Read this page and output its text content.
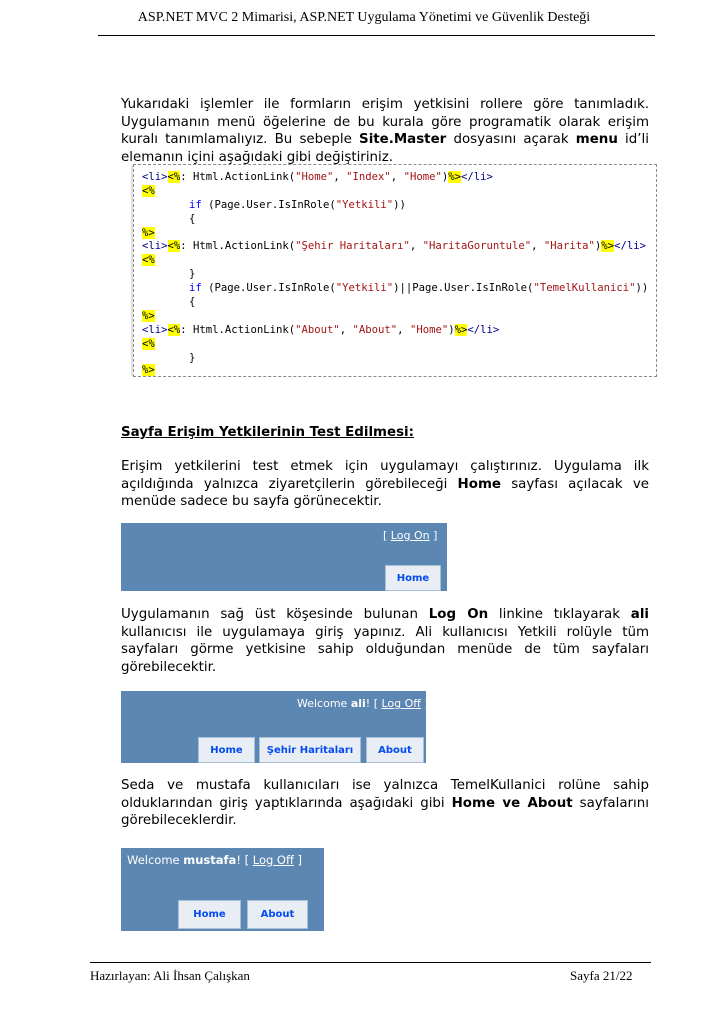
ASP.NET MVC 2 Mimarisi, ASP.NET Uygulama Yönetimi ve Güvenlik Desteği
Yukarıdaki işlemler ile formların erişim yetkisini rollere göre tanımladık. Uygulamanın menü öğelerine de bu kurala göre programatik olarak erişim kuralı tanımlamalıyız. Bu sebeple Site.Master dosyasını açarak menu id’li elemanın içini aşağıdaki gibi değiştiriniz.
<li><%: Html.ActionLink("Home", "Index", "Home")%></li>
<%
if (Page.User.IsInRole("Yetkili"))
{
%>
<li><%: Html.ActionLink("Şehir Haritaları", "HaritaGoruntule", "Harita")%></li>
<%
}
if (Page.User.IsInRole("Yetkili")||Page.User.IsInRole("TemelKullanici"))
{
%>
<li><%: Html.ActionLink("About", "About", "Home")%></li>
<%
}
%>
Sayfa Erişim Yetkilerinin Test Edilmesi:
Erişim yetkilerini test etmek için uygulamayı çalıştırınız. Uygulama ilk açıldığında yalnızca ziyaretçilerin görebileceği Home sayfası açılacak ve menüde sadece bu sayfa görünecektir.
[ Log On ]
Home
Uygulamanın sağ üst köşesinde bulunan Log On linkine tıklayarak ali kullanıcısı ile uygulamaya giriş yapınız. Ali kullanıcısı Yetkili rolüyle tüm sayfaları görme yetkisine sahip olduğundan menüde de tüm sayfaları görebilecektir.
Welcome ali! [ Log Off ]
Home	Şehir Haritaları	About
Seda ve mustafa kullanıcıları ise yalnızca TemelKullanici rolüne sahip olduklarından giriş yaptıklarında aşağıdaki gibi Home ve About sayfalarını görebileceklerdir.
Welcome mustafa! [ Log Off ]
Home	About
Hazırlayan: Ali İhsan Çalışkan	Sayfa 21/22
